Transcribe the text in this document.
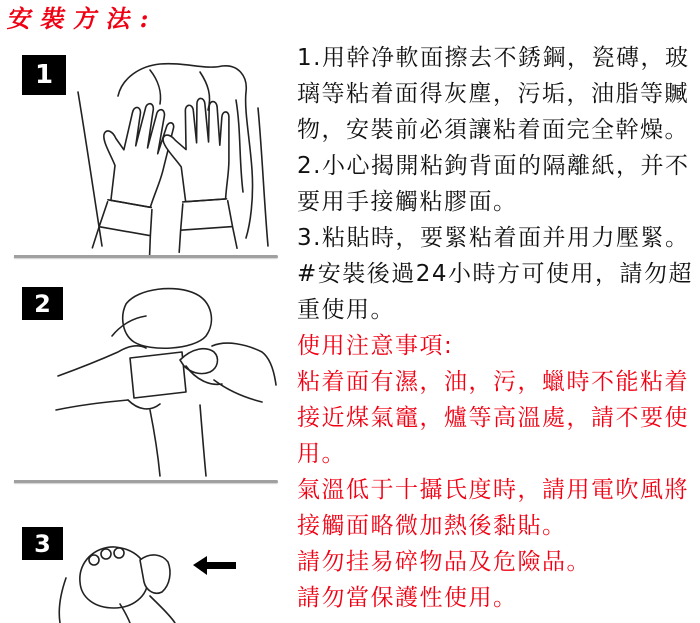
安裝方法:
1
2
3
1.用幹净軟面擦去不銹鋼，瓷磚，玻
璃等粘着面得灰塵，污垢，油脂等贓
物，安裝前必須讓粘着面完全幹燥。
2.小心揭開粘鉤背面的隔離紙，并不
要用手接觸粘膠面。
3.粘貼時，要緊粘着面并用力壓緊。
#安裝後過24小時方可使用，請勿超
重使用。
使用注意事項:
粘着面有濕，油，污，蠟時不能粘着
接近煤氣竈，爐等高溫處，請不要使
用。
氣溫低于十攝氏度時，請用電吹風將
接觸面略微加熱後黏貼。
請勿挂易碎物品及危險品。
請勿當保護性使用。
